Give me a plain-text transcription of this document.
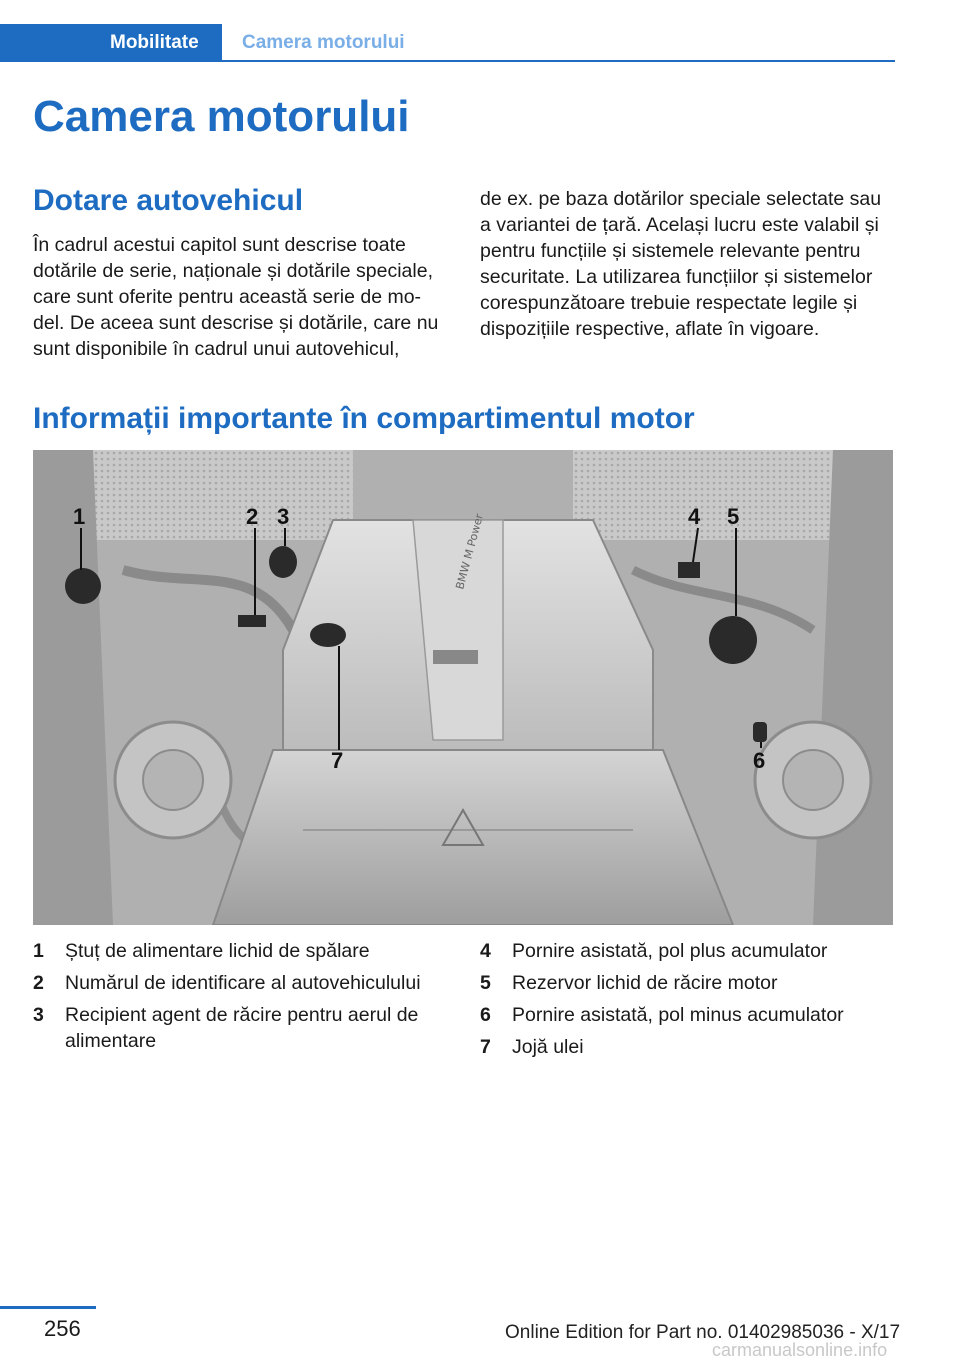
Mobilitate	Camera motorului
Camera motorului
Dotare autovehicul

În cadrul acestui capitol sunt descrise toate dotările de serie, naționale și dotările speciale, care sunt oferite pentru această serie de mo‐del. De aceea sunt descrise și dotările, care nu sunt disponibile în cadrul unui autovehicul,

de ex. pe baza dotărilor speciale selectate sau a variantei de țară. Același lucru este valabil și pentru funcțiile și sistemele relevante pentru securitate. La utilizarea funcțiilor și sistemelor corespunzătoare trebuie respectate legile și dispozițiile respective, aflate în vigoare.

Informații importante în compartimentul motor
BMW M Power
1	2 3	4 5
6
7
1	Ștuț de alimentare lichid de spălare
2	Numărul de identificare al autovehiculului
3	Recipient agent de răcire pentru aerul de alimentare
4	Pornire asistată, pol plus acumulator
5	Rezervor lichid de răcire motor
6	Pornire asistată, pol minus acumulator
7	Joјă ulei
256	Online Edition for Part no. 01402985036 - X/17
carmanualsonline.info
